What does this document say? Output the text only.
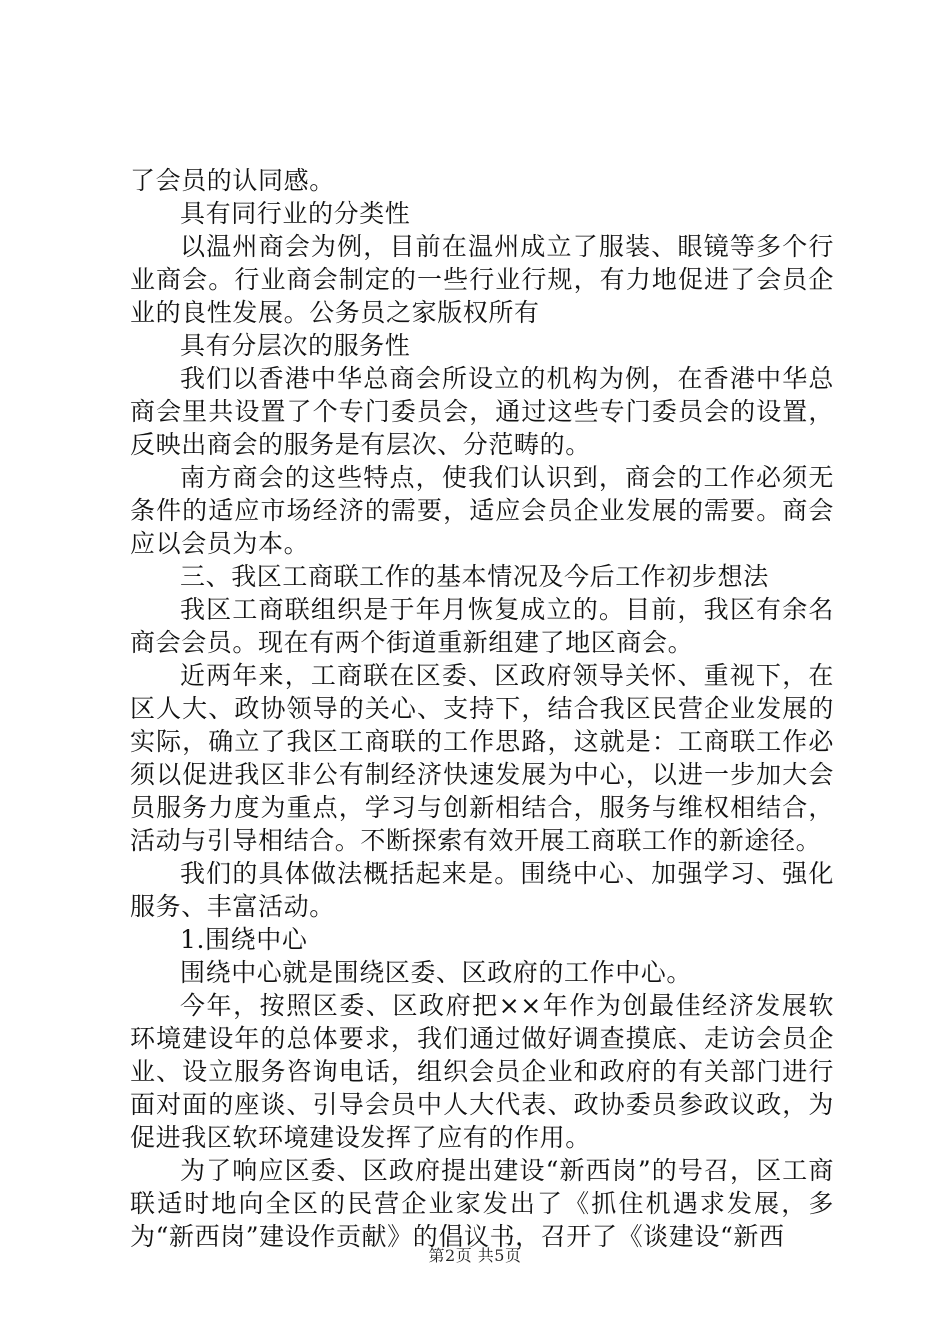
了会员的认同感。

具有同行业的分类性

以温州商会为例，目前在温州成立了服装、眼镜等多个行业商会。行业商会制定的一些行业行规，有力地促进了会员企业的良性发展。公务员之家版权所有

具有分层次的服务性

我们以香港中华总商会所设立的机构为例，在香港中华总商会里共设置了个专门委员会，通过这些专门委员会的设置，反映出商会的服务是有层次、分范畴的。

南方商会的这些特点，使我们认识到，商会的工作必须无条件的适应市场经济的需要，适应会员企业发展的需要。商会应以会员为本。

三、我区工商联工作的基本情况及今后工作初步想法

我区工商联组织是于年月恢复成立的。目前，我区有余名商会会员。现在有两个街道重新组建了地区商会。

近两年来，工商联在区委、区政府领导关怀、重视下，在区人大、政协领导的关心、支持下，结合我区民营企业发展的实际，确立了我区工商联的工作思路，这就是：工商联工作必须以促进我区非公有制经济快速发展为中心，以进一步加大会员服务力度为重点，学习与创新相结合，服务与维权相结合，活动与引导相结合。不断探索有效开展工商联工作的新途径。

我们的具体做法概括起来是。围绕中心、加强学习、强化服务、丰富活动。

1.围绕中心

围绕中心就是围绕区委、区政府的工作中心。

今年，按照区委、区政府把××年作为创最佳经济发展软环境建设年的总体要求，我们通过做好调查摸底、走访会员企业、设立服务咨询电话，组织会员企业和政府的有关部门进行面对面的座谈、引导会员中人大代表、政协委员参政议政，为促进我区软环境建设发挥了应有的作用。

为了响应区委、区政府提出建设“新西岗”的号召，区工商联适时地向全区的民营企业家发出了《抓住机遇求发展，多为“新西岗”建设作贡献》的倡议书，召开了《谈建设“新西

第2页 共5页
